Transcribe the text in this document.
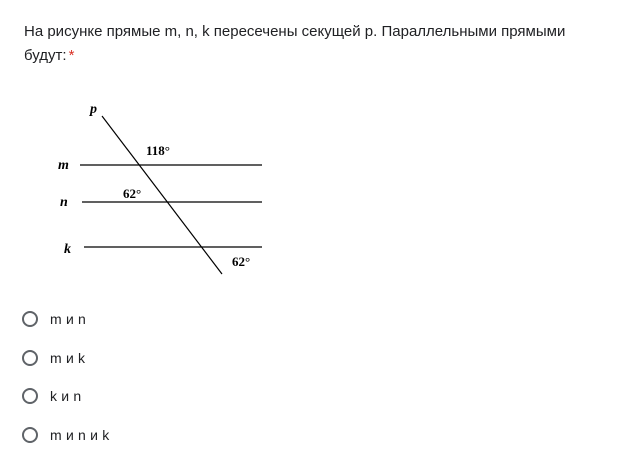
На рисунке прямые m, n, k пересечены секущей p. Параллельными прямыми будут: *
p
m
n
k
118°
62°
62°
m и n
m и k
k и n
m и n и k
